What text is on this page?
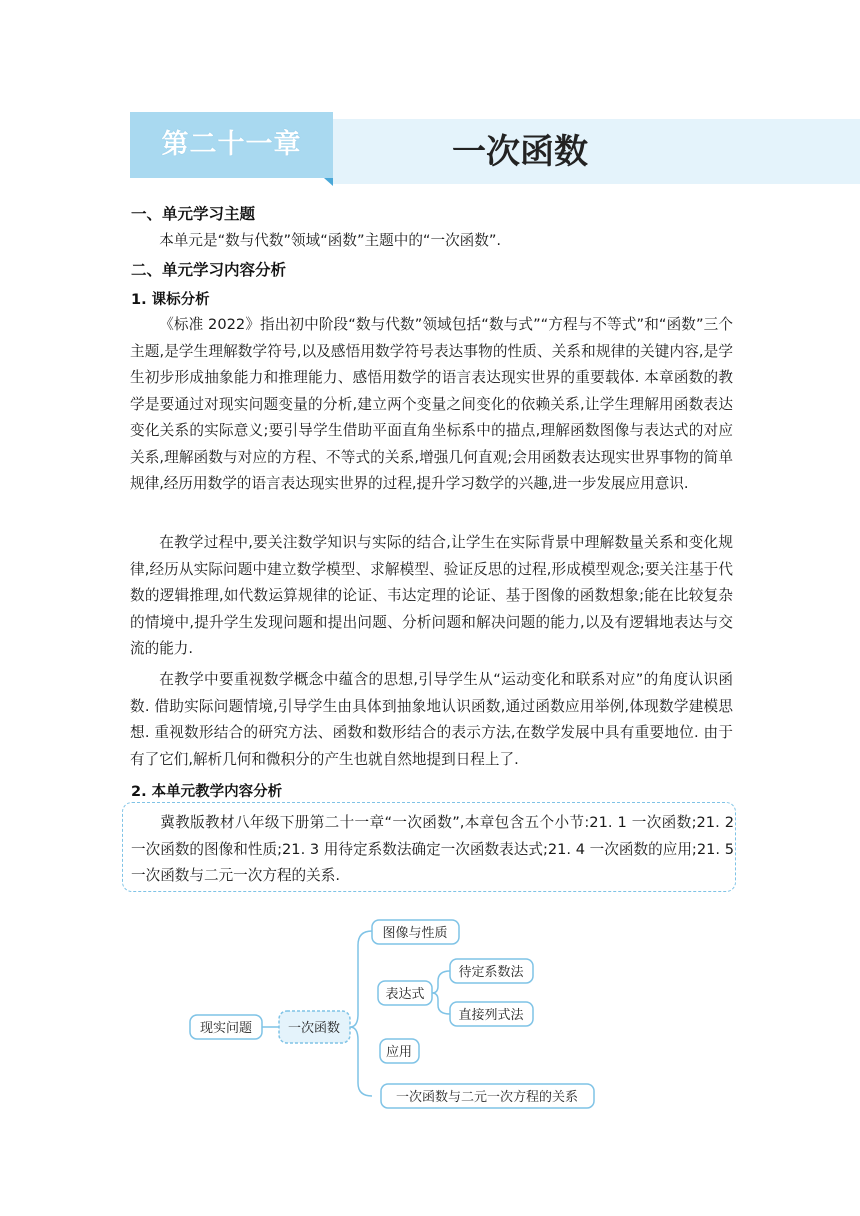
第二十一章	一次函数
一、单元学习主题

本单元是“数与代数”领域“函数”主题中的“一次函数”.

二、单元学习内容分析
1. 课标分析

《标准 2022》指出初中阶段“数与代数”领域包括“数与式”“方程与不等式”和“函数”三个主题,是学生理解数学符号,以及感悟用数学符号表达事物的性质、关系和规律的关键内容,是学生初步形成抽象能力和推理能力、感悟用数学的语言表达现实世界的重要载体. 本章函数的教学是要通过对现实问题变量的分析,建立两个变量之间变化的依赖关系,让学生理解用函数表达变化关系的实际意义;要引导学生借助平面直角坐标系中的描点,理解函数图像与表达式的对应关系,理解函数与对应的方程、不等式的关系,增强几何直观;会用函数表达现实世界事物的简单规律,经历用数学的语言表达现实世界的过程,提升学习数学的兴趣,进一步发展应用意识.

在教学过程中,要关注数学知识与实际的结合,让学生在实际背景中理解数量关系和变化规律,经历从实际问题中建立数学模型、求解模型、验证反思的过程,形成模型观念;要关注基于代数的逻辑推理,如代数运算规律的论证、韦达定理的论证、基于图像的函数想象;能在比较复杂的情境中,提升学生发现问题和提出问题、分析问题和解决问题的能力,以及有逻辑地表达与交流的能力.

在教学中要重视数学概念中蕴含的思想,引导学生从“运动变化和联系对应”的角度认识函数. 借助实际问题情境,引导学生由具体到抽象地认识函数,通过函数应用举例,体现数学建模思想. 重视数形结合的研究方法、函数和数形结合的表示方法,在数学发展中具有重要地位. 由于有了它们,解析几何和微积分的产生也就自然地提到日程上了.

2. 本单元教学内容分析

冀教版教材八年级下册第二十一章“一次函数”,本章包含五个小节:21. 1 一次函数;21. 2 一次函数的图像和性质;21. 3 用待定系数法确定一次函数表达式;21. 4 一次函数的应用;21. 5 一次函数与二元一次方程的关系.

现实问题	一次函数
图像与性质
表达式
待定系数法
直接列式法
应用
一次函数与二元一次方程的关系
